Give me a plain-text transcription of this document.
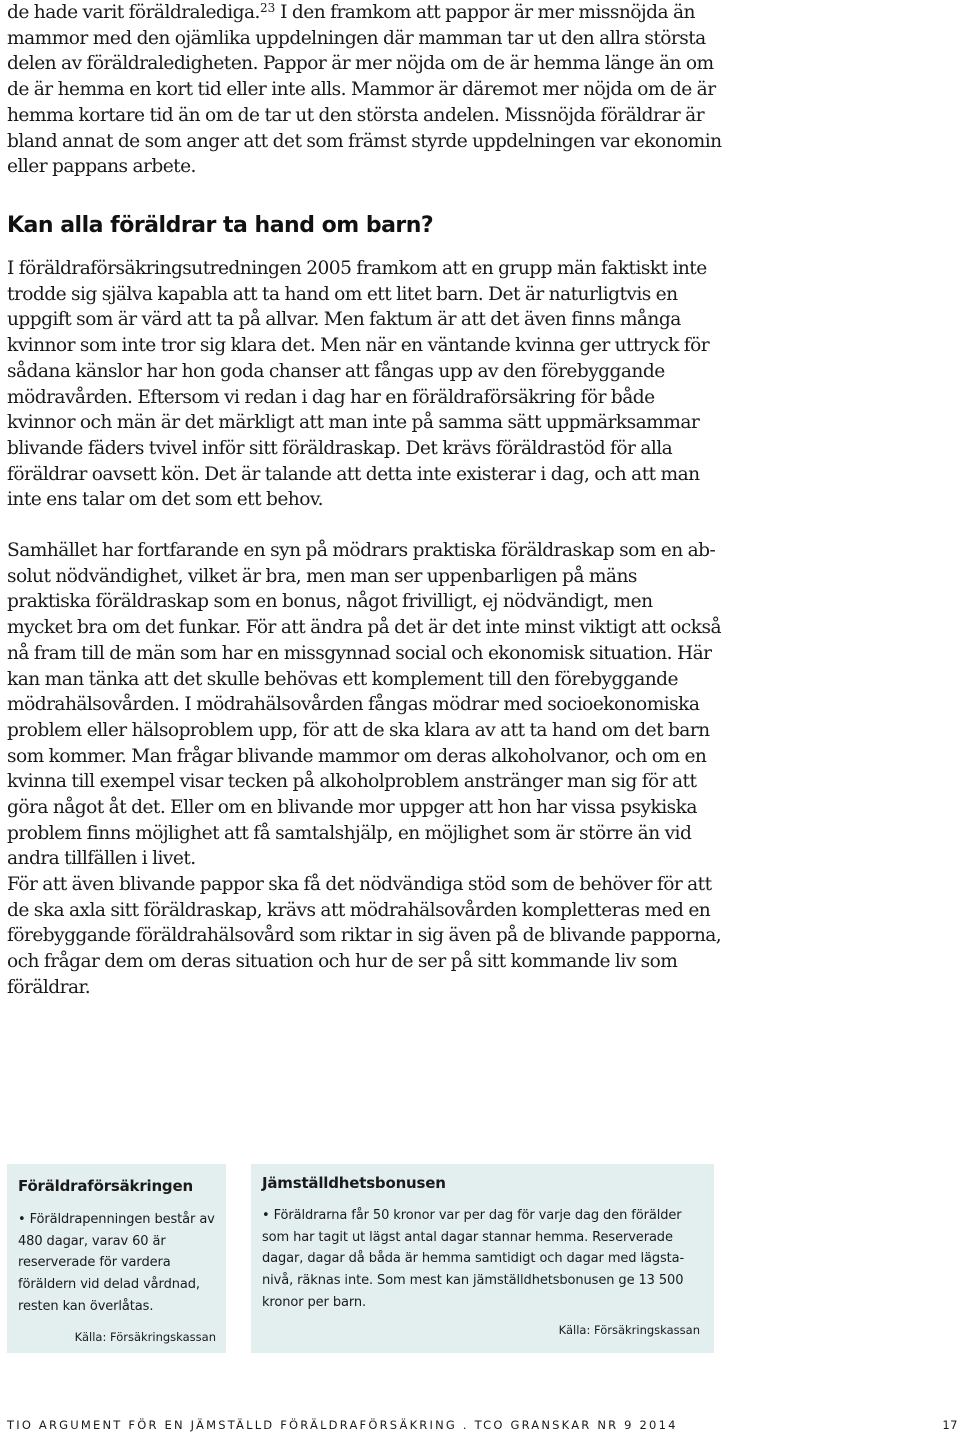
de hade varit föräldralediga.$^{23}$ I den framkom att pappor är mer missnöjda än mammor med den ojämlika uppdelningen där mamman tar ut den allra största delen av föräldraledigheten. Pappor är mer nöjda om de är hemma länge än om de är hemma en kort tid eller inte alls. Mammor är däremot mer nöjda om de är hemma kortare tid än om de tar ut den största andelen. Missnöjda föräldrar är bland annat de som anger att det som främst styrde uppdelningen var ekonomin eller pappans arbete.

Kan alla föräldrar ta hand om barn?

I föräldraförsäkringsutredningen 2005 framkom att en grupp män faktiskt inte trodde sig själva kapabla att ta hand om ett litet barn. Det är naturligtvis en uppgift som är värd att ta på allvar. Men faktum är att det även finns många kvinnor som inte tror sig klara det. Men när en väntande kvinna ger uttryck för sådana känslor har hon goda chanser att fångas upp av den förebyggande mödravården. Eftersom vi redan i dag har en föräldraförsäkring för både kvinnor och män är det märkligt att man inte på samma sätt uppmärksammar blivande fäders tvivel inför sitt föräldraskap. Det krävs föräldrastöd för alla föräldrar oavsett kön. Det är talande att detta inte existerar i dag, och att man inte ens talar om det som ett behov.

Samhället har fortfarande en syn på mödrars praktiska föräldraskap som en absolut nödvändighet, vilket är bra, men man ser uppenbarligen på mäns praktiska föräldraskap som en bonus, något frivilligt, ej nödvändigt, men mycket bra om det funkar. För att ändra på det är det inte minst viktigt att också nå fram till de män som har en missgynnad social och ekonomisk situation. Här kan man tänka att det skulle behövas ett komplement till den förebyggande mödrahälsovården. I mödrahälsovården fångas mödrar med socioekonomiska problem eller hälsoproblem upp, för att de ska klara av att ta hand om det barn som kommer. Man frågar blivande mammor om deras alkoholvanor, och om en kvinna till exempel visar tecken på alkoholproblem anstränger man sig för att göra något åt det. Eller om en blivande mor uppger att hon har vissa psykiska problem finns möjlighet att få samtalshjälp, en möjlighet som är större än vid andra tillfällen i livet.

För att även blivande pappor ska få det nödvändiga stöd som de behöver för att de ska axla sitt föräldraskap, krävs att mödrahälsovården kompletteras med en förebyggande föräldrahälsovård som riktar in sig även på de blivande papporna, och frågar dem om deras situation och hur de ser på sitt kommande liv som föräldrar.

Föräldraförsäkringen

• Föräldrapenningen består av 480 dagar, varav 60 är reserverade för vardera föräldern vid delad vårdnad, resten kan överlåtas.

Källa: Försäkringskassan

Jämställdhetsbonusen

• Föräldrarna får 50 kronor var per dag för varje dag den förälder som har tagit ut lägst antal dagar stannar hemma. Reserverade dagar, dagar då båda är hemma samtidigt och dagar med lägstanivå, räknas inte. Som mest kan jämställdhetsbonusen ge 13 500 kronor per barn.

Källa: Försäkringskassan

TIO ARGUMENT FÖR EN JÄMSTÄLLD FÖRÄLDRAFÖRSÄKRING . TCO GRANSKAR NR 9 2014	17
